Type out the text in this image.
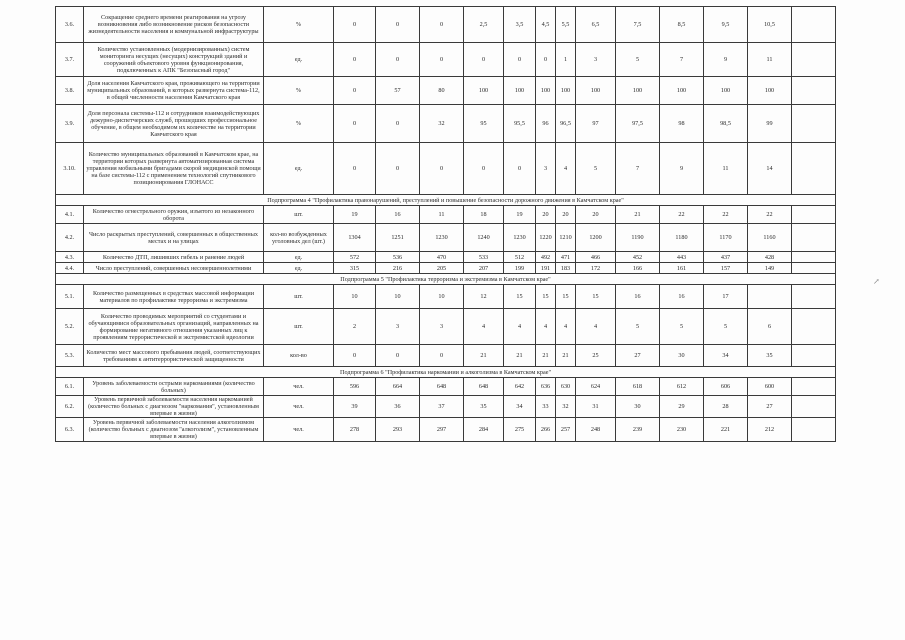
3.6.	Сокращение среднего времени реагирования на угрозу возникновения либо возникновение рисков безопасности жизнедеятельности населения и коммунальной инфраструктуры	%	0	0	0	2,5	3,5	4,5	5,5	6,5	7,5	8,5	9,5	10,5	
3.7.	Количество установленных (модернизированных) систем мониторинга несущих (несущих) конструкций зданий и сооружений объектового уровня функционирования, подключенных к АПК "Безопасный город"	ед.	0	0	0	0	0	0	1	3	5	7	9	11	
3.8.	Доля населения Камчатского края, проживающего на территории муниципальных образований, в которых развернута система-112, в общей численности населения Камчатского края	%	0	57	80	100	100	100	100	100	100	100	100	100	
3.9.	Доля персонала системы-112 и сотрудников взаимодействующих дежурно-диспетчерских служб, прошедших профессиональное обучение, в общем необходимом их количестве на территории Камчатского края	%	0	0	32	95	95,5	96	96,5	97	97,5	98	98,5	99	
3.10.	Количество муниципальных образований в Камчатском крае, на территории которых развернута автоматизированная система управления мобильными бригадами скорой медицинской помощи на базе системы-112 с применением технологий спутникового позиционирования ГЛОНАСС	ед.	0	0	0	0	0	3	4	5	7	9	11	14	
Подпрограмма 4 "Профилактика правонарушений, преступлений и повышение безопасности дорожного движения в Камчатском крае"															
4.1.	Количество огнестрельного оружия, изъятого из незаконного оборота	шт.	19	16	11	18	19	20	20	20	21	22	22	22	
4.2.	Число раскрытых преступлений, совершенных в общественных местах и на улицах	кол-во возбужденных уголовных дел (шт.)	1304	1251	1230	1240	1230	1220	1210	1200	1190	1180	1170	1160	
4.3.	Количество ДТП, лишивших гибель и ранение людей	ед.	572	536	470	533	512	492	471	466	452	443	437	428	
4.4.	Число преступлений, совершенных несовершеннолетними	ед.	315	216	205	207	199	191	183	172	166	161	157	149	
Подпрограмма 5 "Профилактика терроризма и экстремизма в Камчатском крае"															
5.1.	Количество размещенных в средствах массовой информации материалов по профилактике терроризма и экстремизма	шт.	10	10	10	12	15	15	15	15	16	16	17		
5.2.	Количество проводимых мероприятий со студентами и обучающимися образовательных организаций, направленных на формирование негативного отношения указанных лиц к проявлениям террористической и экстремистской идеологии	шт.	2	3	3	4	4	4	4	4	5	5	5	6	
5.3.	Количество мест массового пребывания людей, соответствующих требованиям к антитеррористической защищенности	кол-во	0	0	0	21	21	21	21	25	27	30	34	35	
Подпрограмма 6 "Профилактика наркомании и алкоголизма в Камчатском крае"															
6.1.	Уровень заболеваемости острыми наркоманиями (количество больных)	чел.	596	664	648	648	642	636	630	624	618	612	606	600	
6.2.	Уровень первичной заболеваемости населения наркоманией (количество больных с диагнозом "наркомания", установленным впервые в жизни)	чел.	39	36	37	35	34	33	32	31	30	29	28	27	
6.3.	Уровень первичной заболеваемости населения алкоголизмом (количество больных с диагнозом "алкоголизм", установленным впервые в жизни)	чел.	278	293	297	284	275	266	257	248	239	230	221	212	
↗
